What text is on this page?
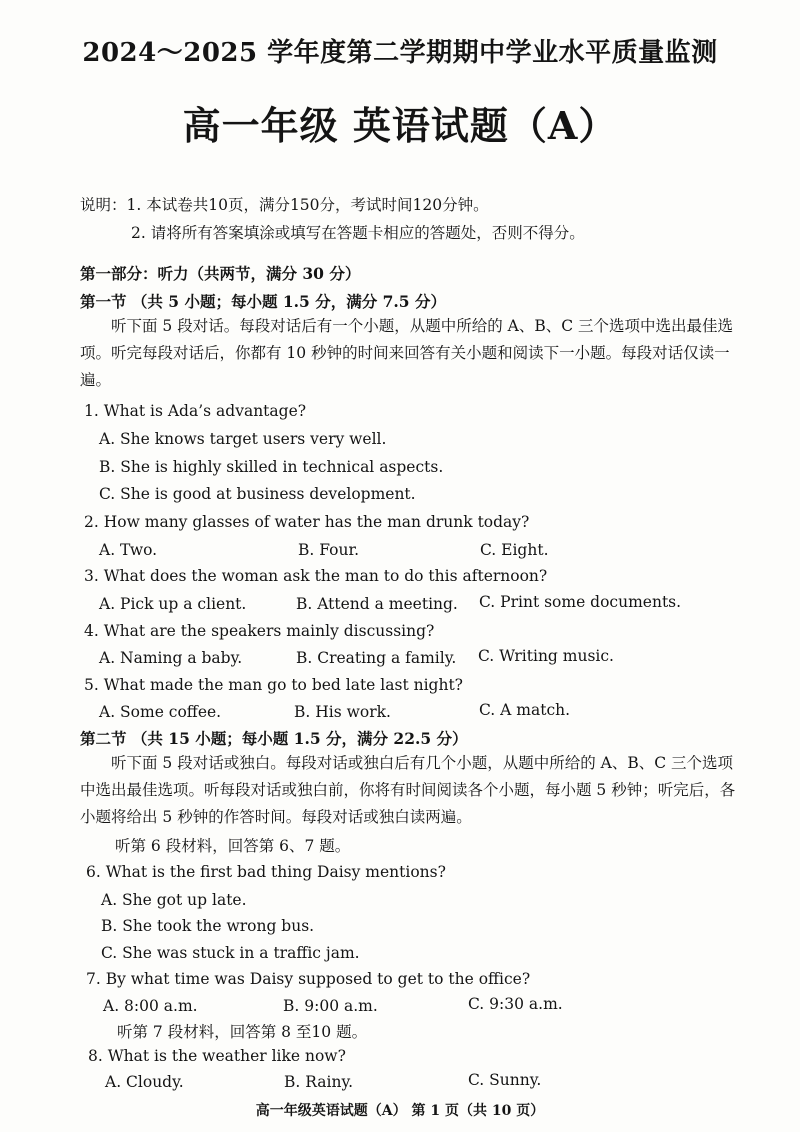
2024～2025 学年度第二学期期中学业水平质量监测
高一年级 英语试题（A）
说明：1. 本试卷共10页，满分150分，考试时间120分钟。
2. 请将所有答案填涂或填写在答题卡相应的答题处，否则不得分。
第一部分：听力（共两节，满分 30 分）
第一节 （共 5 小题；每小题 1.5 分，满分 7.5 分）
听下面 5 段对话。每段对话后有一个小题，从题中所给的 A、B、C 三个选项中选出最佳选项。听完每段对话后，你都有 10 秒钟的时间来回答有关小题和阅读下一小题。每段对话仅读一遍。
1. What is Ada’s advantage?
A. She knows target users very well.
B. She is highly skilled in technical aspects.
C. She is good at business development.
2. How many glasses of water has the man drunk today?
A. Two.	B. Four.	C. Eight.
3. What does the woman ask the man to do this afternoon?
A. Pick up a client.	B. Attend a meeting. C. Print some documents.
4. What are the speakers mainly discussing?
A. Naming a baby.	B. Creating a family. C. Writing music.
5. What made the man go to bed late last night?
A. Some coffee.	B. His work.	C. A match.
第二节 （共 15 小题；每小题 1.5 分，满分 22.5 分）
听下面 5 段对话或独白。每段对话或独白后有几个小题，从题中所给的 A、B、C 三个选项中选出最佳选项。听每段对话或独白前，你将有时间阅读各个小题，每小题 5 秒钟；听完后，各小题将给出 5 秒钟的作答时间。每段对话或独白读两遍。
听第 6 段材料，回答第 6、7 题。
6. What is the first bad thing Daisy mentions?
A. She got up late.
B. She took the wrong bus.
C. She was stuck in a traffic jam.
7. By what time was Daisy supposed to get to the office?
A. 8:00 a.m.	B. 9:00 a.m.	C. 9:30 a.m.
听第 7 段材料，回答第 8 至10 题。
8. What is the weather like now?
A. Cloudy.	B. Rainy.	C. Sunny.
高一年级英语试题（A） 第 1 页（共 10 页）
